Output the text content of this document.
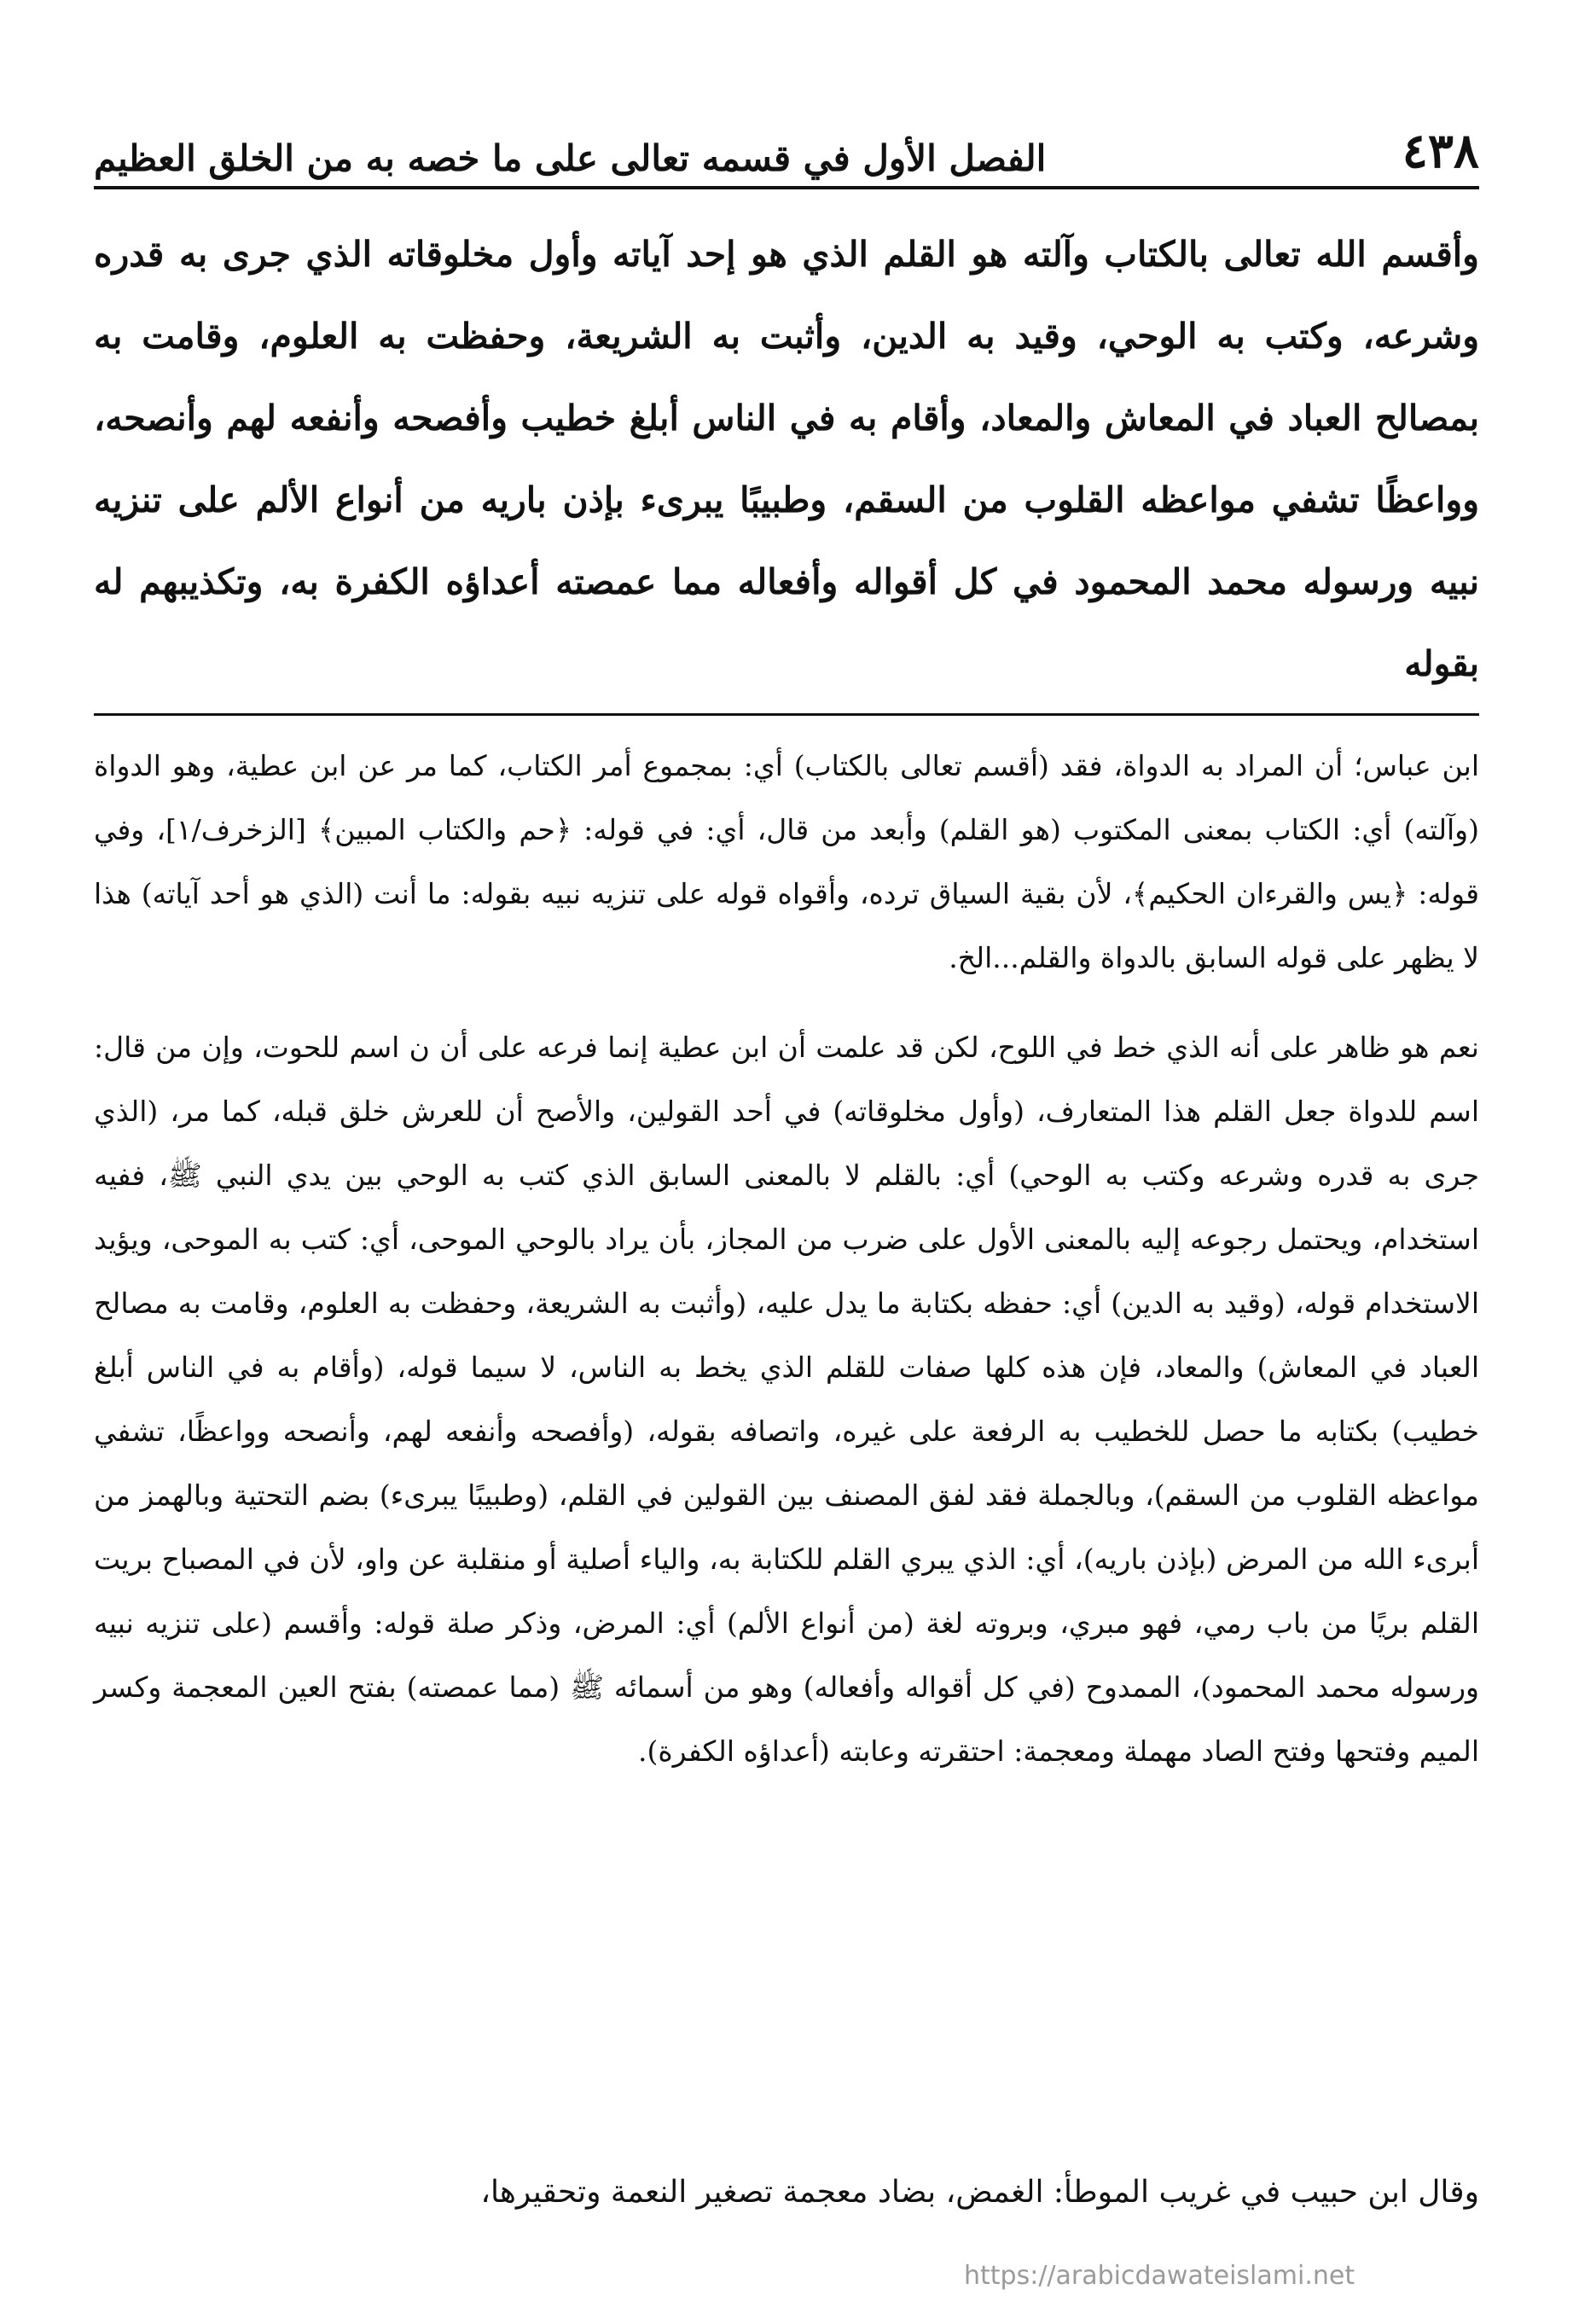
٤٣٨
الفصل الأول في قسمه تعالى على ما خصه به من الخلق العظيم

وأقسم الله تعالى بالكتاب وآلته هو القلم الذي هو إحد آياته وأول مخلوقاته الذي جرى به قدره وشرعه، وكتب به الوحي، وقيد به الدين، وأثبت به الشريعة، وحفظت به العلوم، وقامت به بمصالح العباد في المعاش والمعاد، وأقام به في الناس أبلغ خطيب وأفصحه وأنفعه لهم وأنصحه، وواعظًا تشفي مواعظه القلوب من السقم، وطبيبًا يبرىء بإذن باريه من أنواع الألم على تنزيه نبيه ورسوله محمد المحمود في كل أقواله وأفعاله مما عمصته أعداؤه الكفرة به، وتكذيبهم له بقوله

ابن عباس؛ أن المراد به الدواة، فقد (أقسم تعالى بالكتاب) أي: بمجموع أمر الكتاب، كما مر عن ابن عطية، وهو الدواة (وآلته) أي: الكتاب بمعنى المكتوب (هو القلم) وأبعد من قال، أي: في قوله: ﴿حم والكتاب المبين﴾ [الزخرف/١]، وفي قوله: ﴿يس والقرءان الحكيم﴾، لأن بقية السياق ترده، وأقواه قوله على تنزيه نبيه بقوله: ما أنت (الذي هو أحد آياته) هذا لا يظهر على قوله السابق بالدواة والقلم...الخ.

نعم هو ظاهر على أنه الذي خط في اللوح، لكن قد علمت أن ابن عطية إنما فرعه على أن ن اسم للحوت، وإن من قال: اسم للدواة جعل القلم هذا المتعارف، (وأول مخلوقاته) في أحد القولين، والأصح أن للعرش خلق قبله، كما مر، (الذي جرى به قدره وشرعه وكتب به الوحي) أي: بالقلم لا بالمعنى السابق الذي كتب به الوحي بين يدي النبي ﷺ، ففيه استخدام، ويحتمل رجوعه إليه بالمعنى الأول على ضرب من المجاز، بأن يراد بالوحي الموحى، أي: كتب به الموحى، ويؤيد الاستخدام قوله، (وقيد به الدين) أي: حفظه بكتابة ما يدل عليه، (وأثبت به الشريعة، وحفظت به العلوم، وقامت به مصالح العباد في المعاش) والمعاد، فإن هذه كلها صفات للقلم الذي يخط به الناس، لا سيما قوله، (وأقام به في الناس أبلغ خطيب) بكتابه ما حصل للخطيب به الرفعة على غيره، واتصافه بقوله، (وأفصحه وأنفعه لهم، وأنصحه وواعظًا، تشفي مواعظه القلوب من السقم)، وبالجملة فقد لفق المصنف بين القولين في القلم، (وطبيبًا يبرىء) بضم التحتية وبالهمز من أبرىء الله من المرض (بإذن باريه)، أي: الذي يبري القلم للكتابة به، والياء أصلية أو منقلبة عن واو، لأن في المصباح بريت القلم بريًا من باب رمي، فهو مبري، وبروته لغة (من أنواع الألم) أي: المرض، وذكر صلة قوله: وأقسم (على تنزيه نبيه ورسوله محمد المحمود)، الممدوح (في كل أقواله وأفعاله) وهو من أسمائه ﷺ (مما عمصته) بفتح العين المعجمة وكسر الميم وفتحها وفتح الصاد مهملة ومعجمة: احتقرته وعابته (أعداؤه الكفرة).

وقال ابن حبيب في غريب الموطأ: الغمض، بضاد معجمة تصغير النعمة وتحقيرها،

https://arabicdawateislami.net
